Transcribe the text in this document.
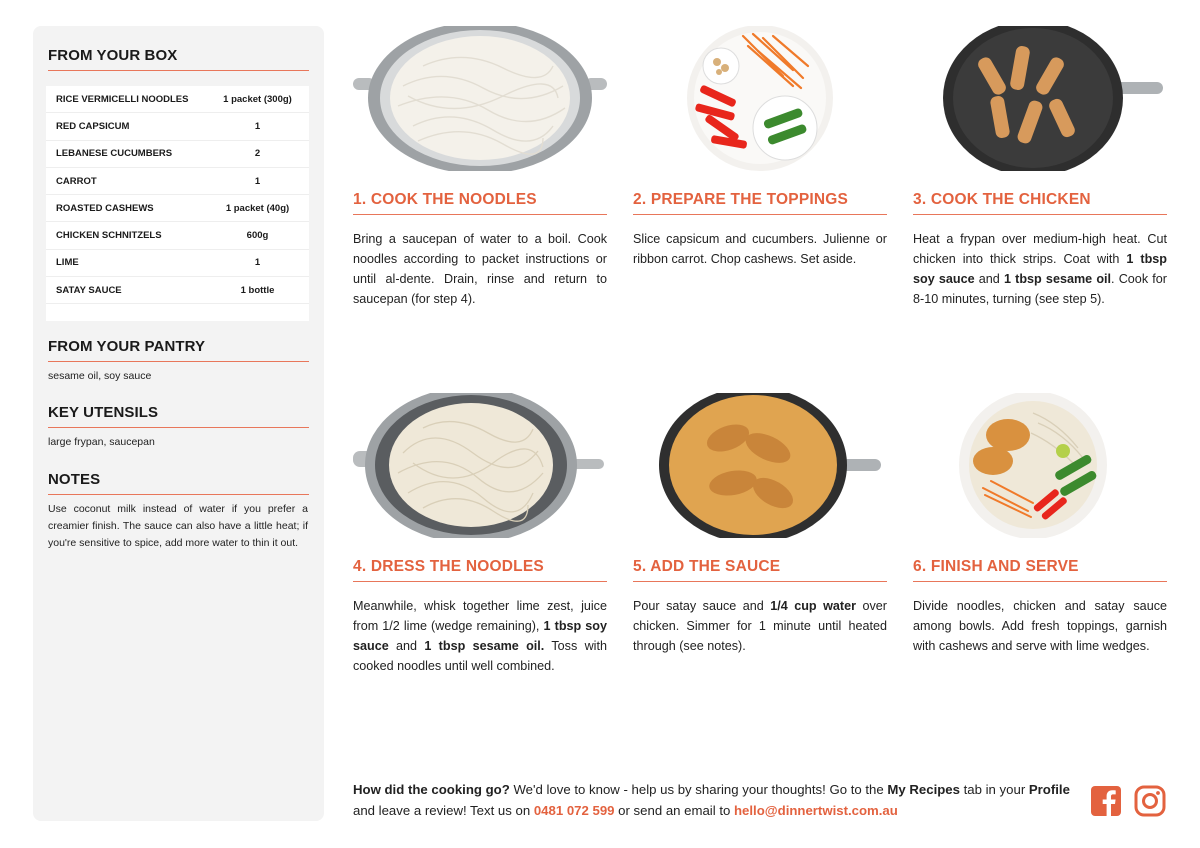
FROM YOUR BOX
RICE VERMICELLI NOODLES	1 packet (300g)
RED CAPSICUM	1
LEBANESE CUCUMBERS	2
CARROT	1
ROASTED CASHEWS	1 packet (40g)
CHICKEN SCHNITZELS	600g
LIME	1
SATAY SAUCE	1 bottle
FROM YOUR PANTRY
sesame oil, soy sauce
KEY UTENSILS
large frypan, saucepan
NOTES
Use coconut milk instead of water if you prefer a creamier finish. The sauce can also have a little heat; if you're sensitive to spice, add more water to thin it out.
1. COOK THE NOODLES
Bring a saucepan of water to a boil. Cook noodles according to packet instructions or until al-dente. Drain, rinse and return to saucepan (for step 4).
2. PREPARE THE TOPPINGS
Slice capsicum and cucumbers. Julienne or ribbon carrot. Chop cashews. Set aside.
3. COOK THE CHICKEN
Heat a frypan over medium-high heat. Cut chicken into thick strips. Coat with 1 tbsp soy sauce and 1 tbsp sesame oil. Cook for 8-10 minutes, turning (see step 5).
4. DRESS THE NOODLES
Meanwhile, whisk together lime zest, juice from 1/2 lime (wedge remaining), 1 tbsp soy sauce and 1 tbsp sesame oil. Toss with cooked noodles until well combined.
5. ADD THE SAUCE
Pour satay sauce and 1/4 cup water over chicken. Simmer for 1 minute until heated through (see notes).
6. FINISH AND SERVE
Divide noodles, chicken and satay sauce among bowls. Add fresh toppings, garnish with cashews and serve with lime wedges.
How did the cooking go? We'd love to know - help us by sharing your thoughts! Go to the My Recipes tab in your Profile and leave a review! Text us on 0481 072 599 or send an email to hello@dinnertwist.com.au
